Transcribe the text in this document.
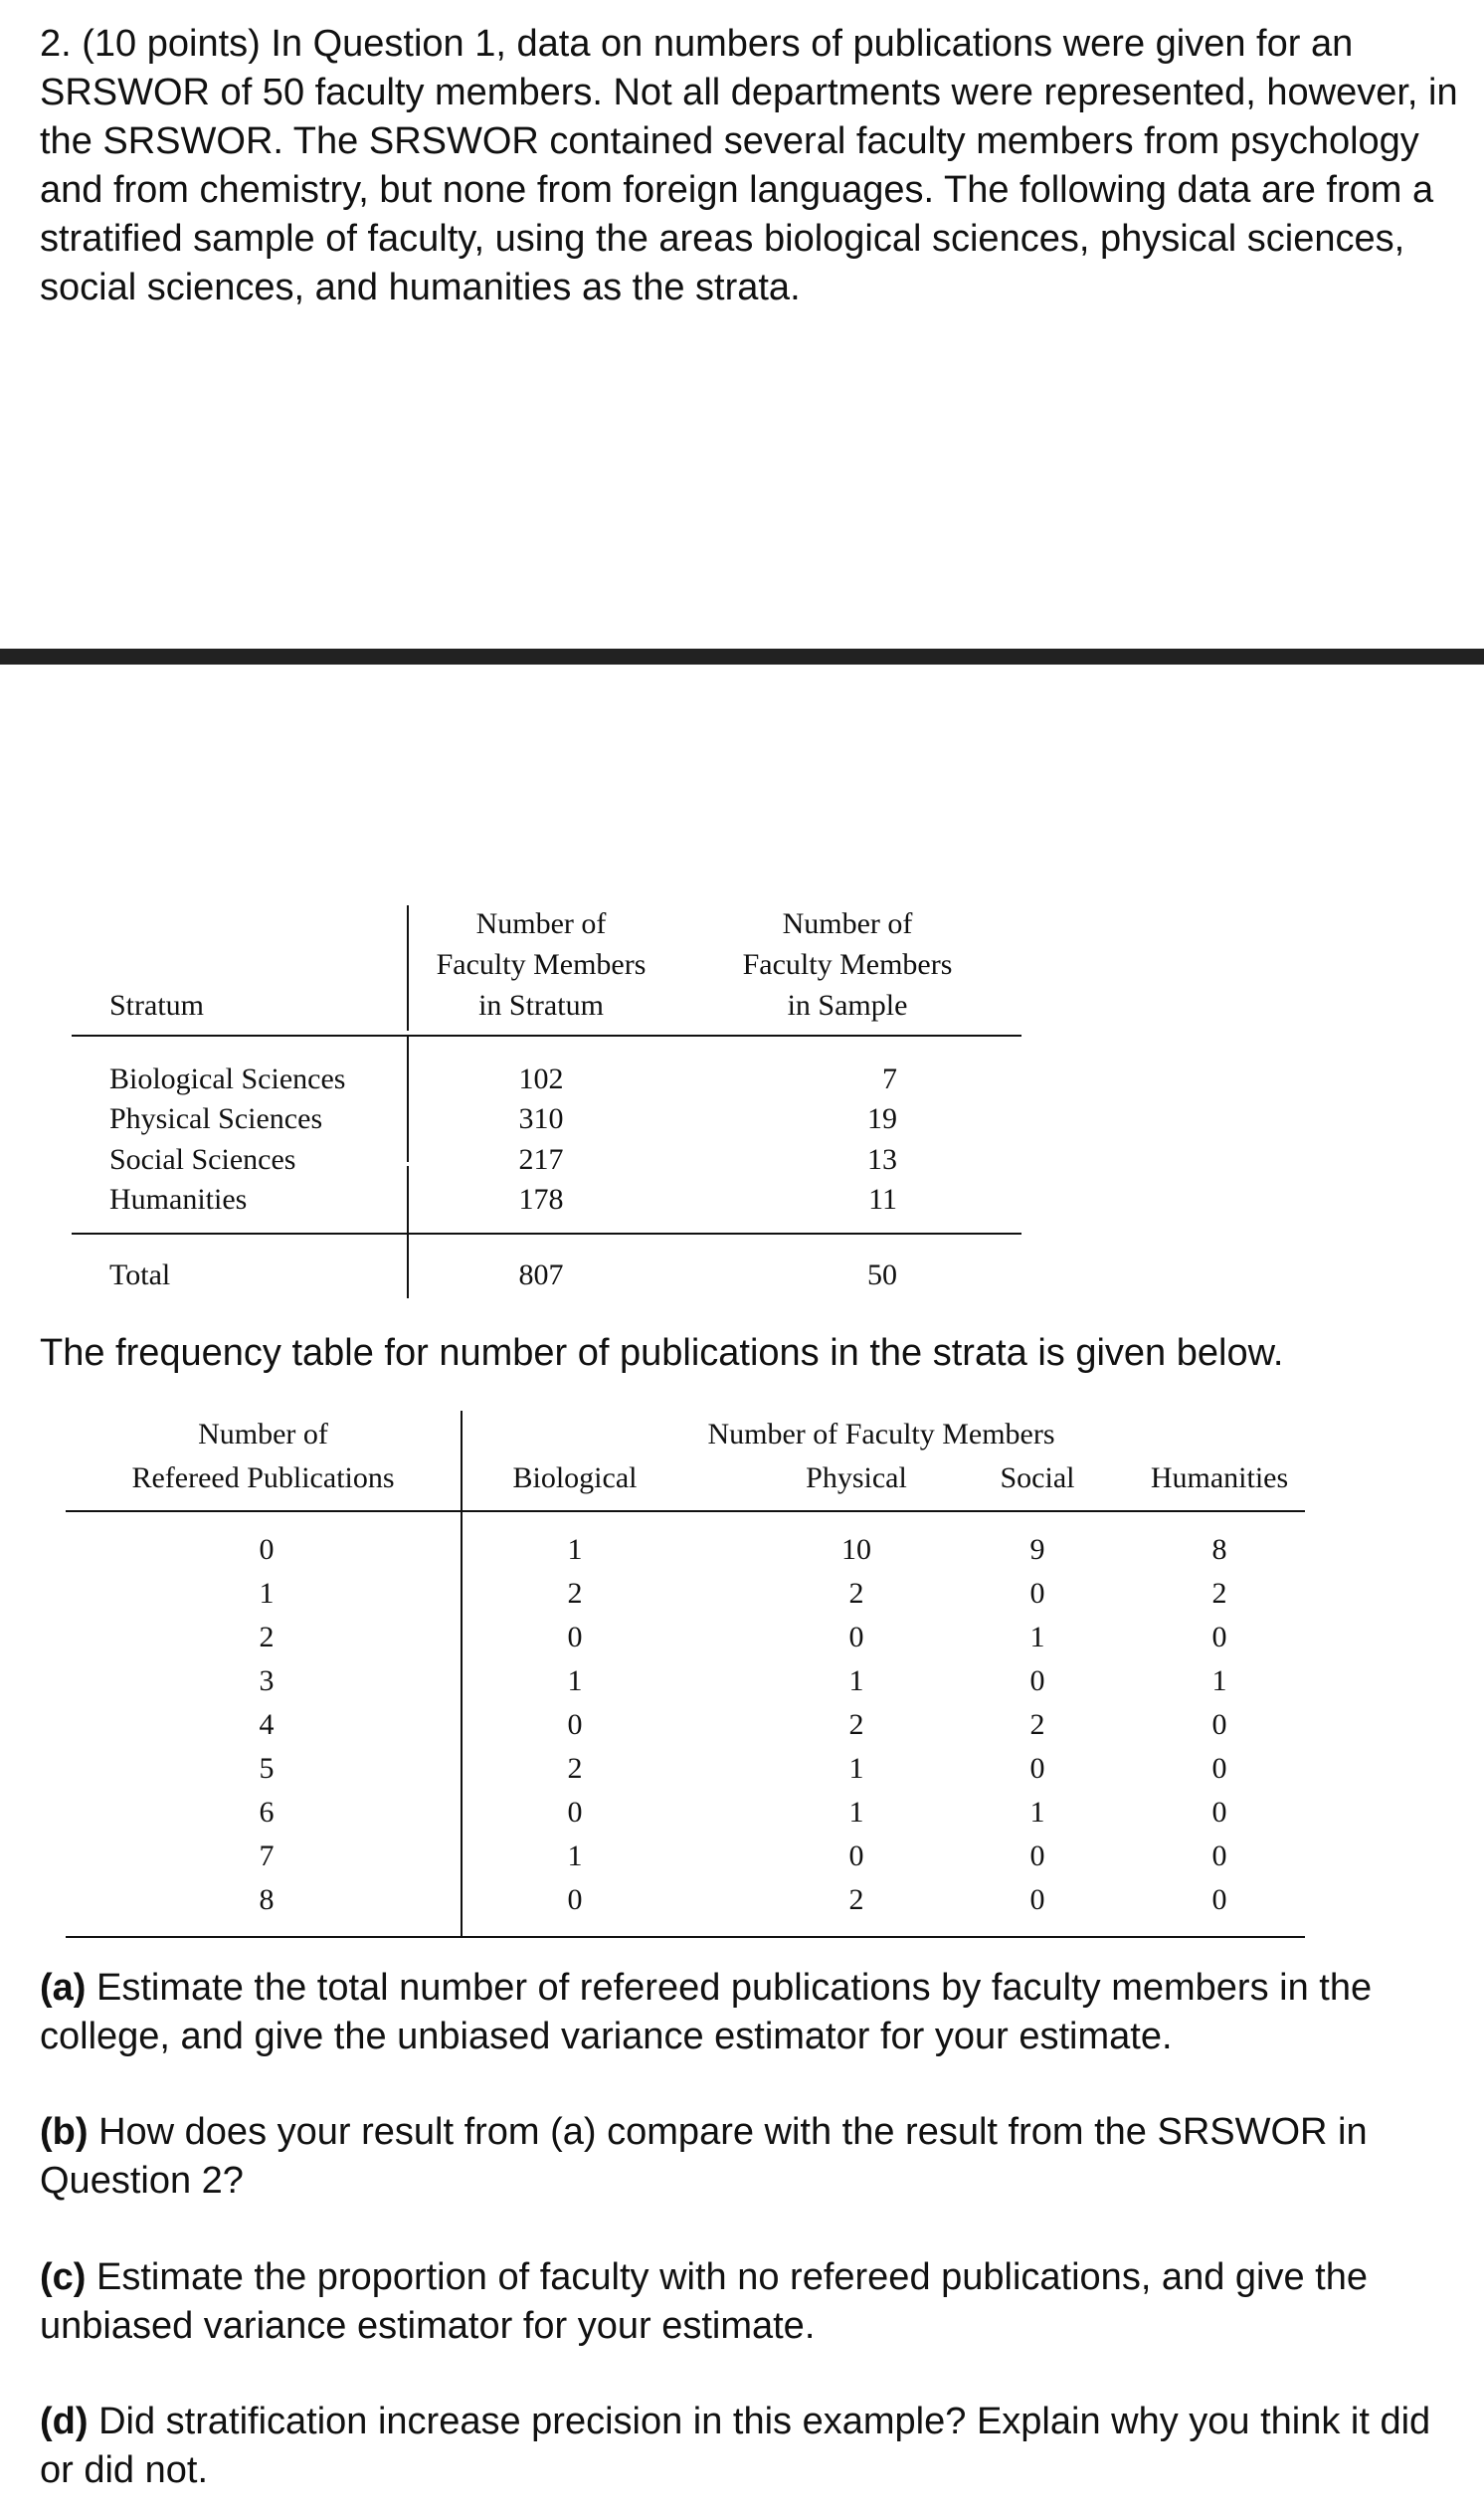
2. (10 points) In Question 1, data on numbers of publications were given for an SRSWOR of 50 faculty members. Not all departments were represented, however, in the SRSWOR. The SRSWOR contained several faculty members from psychology and from chemistry, but none from foreign languages. The following data are from a stratified sample of faculty, using the areas biological sciences, physical sciences, social sciences, and humanities as the strata.

Stratum
Number of
Faculty Members
in Stratum
Number of
Faculty Members
in Sample
Biological Sciences	102	7
Physical Sciences	310	19
Social Sciences	217	13
Humanities	178	11
Total	807	50

The frequency table for number of publications in the strata is given below.

Number of
Refereed Publications
Number of Faculty Members
Biological	Physical	Social	Humanities
0	1	10	9	8
1	2	2	0	2
2	0	0	1	0
3	1	1	0	1
4	0	2	2	0
5	2	1	0	0
6	0	1	1	0
7	1	0	0	0
8	0	2	0	0

(a) Estimate the total number of refereed publications by faculty members in the college, and give the unbiased variance estimator for your estimate.

(b) How does your result from (a) compare with the result from the SRSWOR in Question 2?

(c) Estimate the proportion of faculty with no refereed publications, and give the unbiased variance estimator for your estimate.

(d) Did stratification increase precision in this example? Explain why you think it did or did not.
